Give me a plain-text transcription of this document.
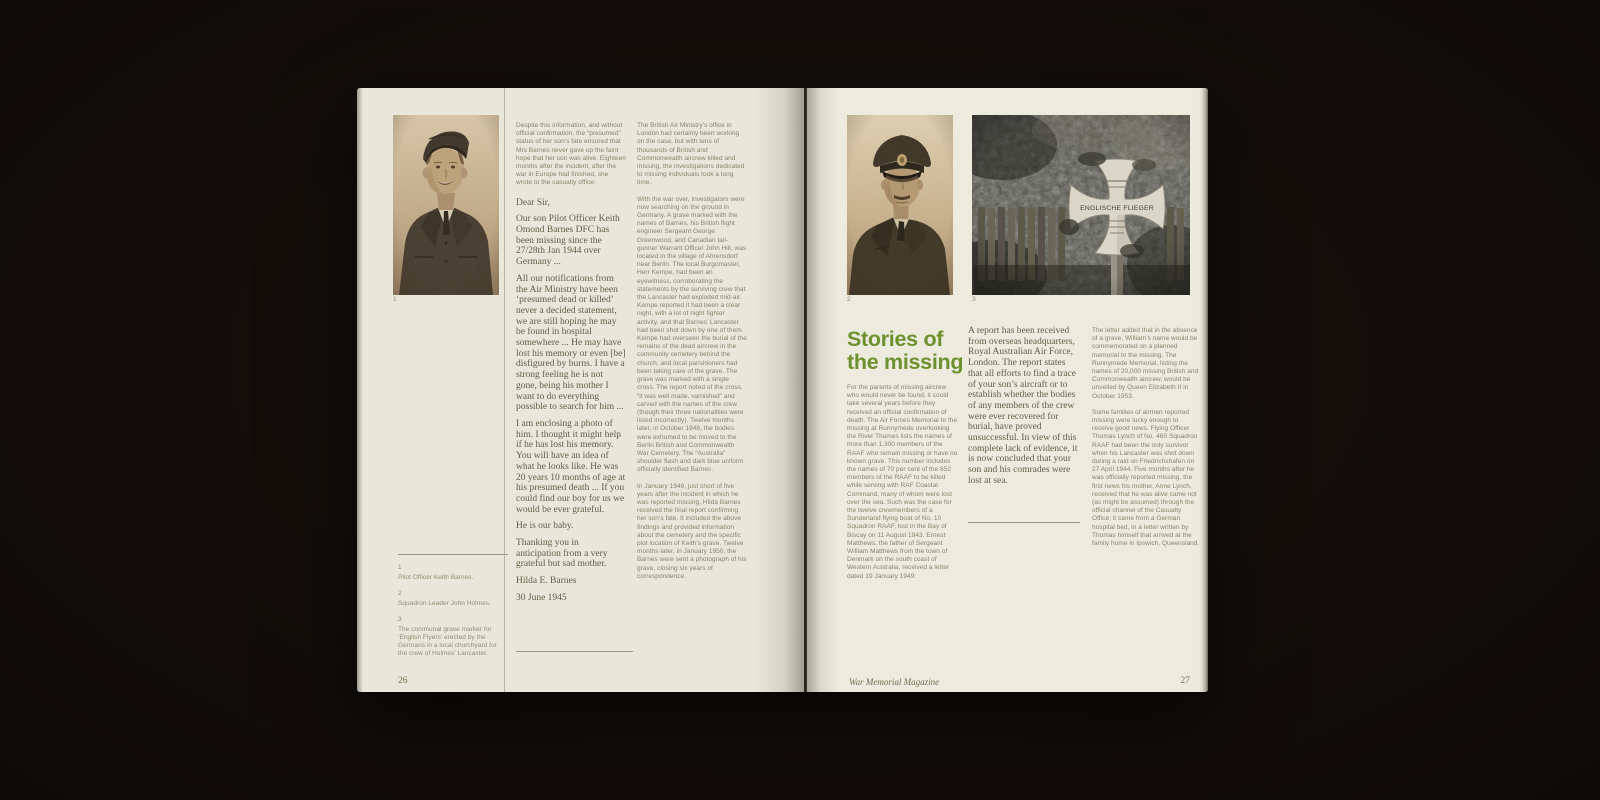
1

Despite this information, and without official confirmation, the “presumed” status of her son’s fate ensured that Mrs Barnes never gave up the faint hope that her son was alive. Eighteen months after the incident, after the war in Europe had finished, she wrote to the casualty office:

Dear Sir,

Our son Pilot Officer Keith Omond Barnes DFC has been missing since the 27/28th Jan 1944 over Germany ...

All our notifications from the Air Ministry have been ‘presumed dead or killed’ never a decided statement, we are still hoping he may be found in hospital somewhere ... He may have lost his memory or even [be] disfigured by burns. I have a strong feeling he is not gone, being his mother I want to do everything possible to search for him ...

I am enclosing a photo of him. I thought it might help if he has lost his memory. You will have an idea of what he looks like. He was 20 years 10 months of age at his presumed death ... If you could find our boy for us we would be ever grateful.

He is our baby.

Thanking you in anticipation from a very grateful but sad mother.

Hilda E. Barnes

30 June 1945

The British Air Ministry’s office in London had certainly been working on the case, but with tens of thousands of British and Commonwealth aircrew killed and missing, the investigations dedicated to missing individuals took a long time.

With the war over, investigators were now searching on the ground in Germany. A grave marked with the names of Barnes, his British flight engineer Sergeant George Greenwood, and Canadian tail-gunner Warrant Officer John Hill, was located in the village of Ahrensdorf near Berlin. The local Burgomaster, Herr Kempe, had been an eyewitness, corroborating the statements by the surviving crew that the Lancaster had exploded mid-air. Kempe reported it had been a clear night, with a lot of night fighter activity, and that Barnes’ Lancaster had been shot down by one of them. Kempe had overseen the burial of the remains of the dead aircrew in the community cemetery behind the church, and local parishioners had been taking care of the grave. The grave was marked with a single cross. The report noted of the cross, “it was well made, varnished” and carved with the names of the crew (though their three nationalities were listed incorrectly). Twelve months later, in October 1948, the bodies were exhumed to be moved to the Berlin British and Commonwealth War Cemetery. The “Australia” shoulder flash and dark blue uniform officially identified Barnes.

In January 1949, just short of five years after the incident in which he was reported missing, Hilda Barnes received the final report confirming her son’s fate. It included the above findings and provided information about the cemetery and the specific plot location of Keith’s grave. Twelve months later, in January 1950, the Barnes were sent a photograph of his grave, closing six years of correspondence.

1
Pilot Officer Keith Barnes.
2
Squadron Leader John Holmes.
3
The communal grave marker for ‘English Flyers’ erected by the Germans in a local churchyard for the crew of Holmes’ Lancaster.
26
2	3
Stories of
the missing

For the parents of missing aircrew who would never be found, it could take several years before they received an official confirmation of death. The Air Forces Memorial to the missing at Runnymede overlooking the River Thames lists the names of more than 1,300 members of the RAAF who remain missing or have no known grave. This number includes the names of 70 per cent of the 652 members of the RAAF to be killed while serving with RAF Coastal Command, many of whom were lost over the sea. Such was the case for the twelve crewmembers of a Sunderland flying boat of No. 10 Squadron RAAF, lost in the Bay of Biscay on 11 August 1943. Ernest Matthews, the father of Sergeant William Matthews from the town of Denmark on the south coast of Western Australia, received a letter dated 19 January 1949:

A report has been received from overseas headquarters, Royal Australian Air Force, London. The report states that all efforts to find a trace of your son’s aircraft or to establish whether the bodies of any members of the crew were ever recovered for burial, have proved unsuccessful. In view of this complete lack of evidence, it is now concluded that your son and his comrades were lost at sea.

The letter added that in the absence of a grave, William’s name would be commemorated on a planned memorial to the missing. The Runnymede Memorial, listing the names of 20,000 missing British and Commonwealth aircrew, would be unveiled by Queen Elizabeth II in October 1953.

Some families of airmen reported missing were lucky enough to receive good news. Flying Officer Thomas Lynch of No. 460 Squadron RAAF had been the only survivor when his Lancaster was shot down during a raid on Friedrichshafen on 27 April 1944. Five months after he was officially reported missing, the first news his mother, Anne Lynch, received that he was alive came not (as might be assumed) through the official channel of the Casualty Office; it came from a German hospital bed, in a letter written by Thomas himself that arrived at the family home in Ipswich, Queensland.

War Memorial Magazine	27
